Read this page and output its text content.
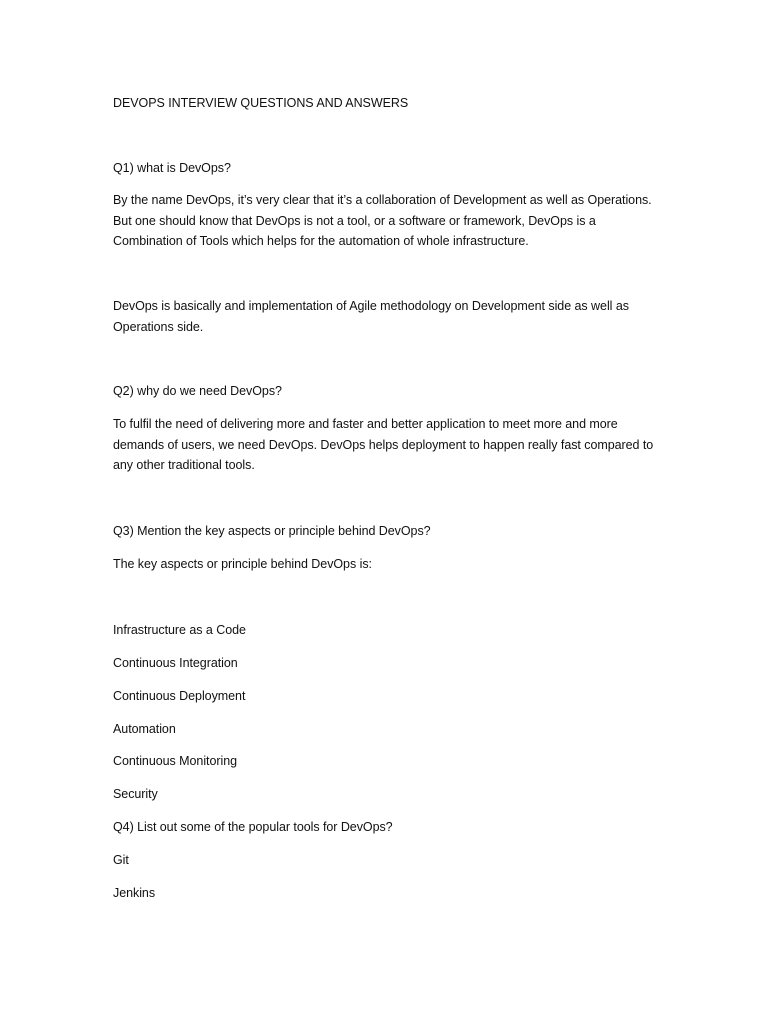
DEVOPS INTERVIEW QUESTIONS AND ANSWERS

Q1) what is DevOps?

By the name DevOps, it’s very clear that it’s a collaboration of Development as well as Operations. But one should know that DevOps is not a tool, or a software or framework, DevOps is a Combination of Tools which helps for the automation of whole infrastructure.

DevOps is basically and implementation of Agile methodology on Development side as well as Operations side.

Q2) why do we need DevOps?

To fulfil the need of delivering more and faster and better application to meet more and more demands of users, we need DevOps. DevOps helps deployment to happen really fast compared to any other traditional tools.

Q3) Mention the key aspects or principle behind DevOps?

The key aspects or principle behind DevOps is:

Infrastructure as a Code

Continuous Integration

Continuous Deployment

Automation

Continuous Monitoring

Security

Q4) List out some of the popular tools for DevOps?

Git

Jenkins
